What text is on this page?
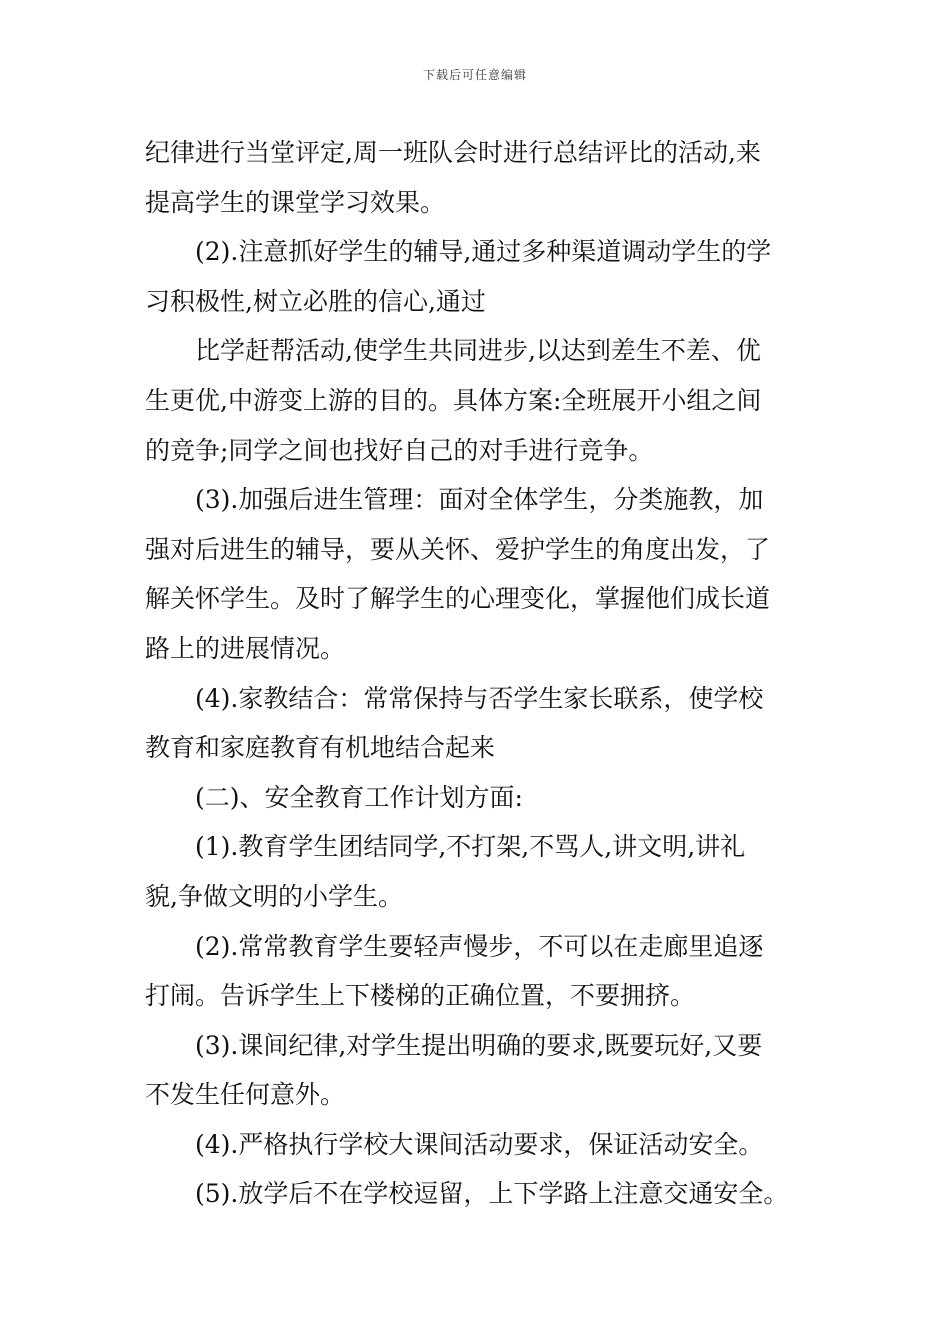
下载后可任意编辑
纪律进行当堂评定,周一班队会时进行总结评比的活动,来
提高学生的课堂学习效果。
(2).注意抓好学生的辅导,通过多种渠道调动学生的学
习积极性,树立必胜的信心,通过
比学赶帮活动,使学生共同进步,以达到差生不差、优
生更优,中游变上游的目的。具体方案:全班展开小组之间
的竞争;同学之间也找好自己的对手进行竞争。
(3).加强后进生管理：面对全体学生，分类施教，加
强对后进生的辅导，要从关怀、爱护学生的角度出发，了
解关怀学生。及时了解学生的心理变化，掌握他们成长道
路上的进展情况。
(4).家教结合：常常保持与否学生家长联系，使学校
教育和家庭教育有机地结合起来
(二)、安全教育工作计划方面:
(1).教育学生团结同学,不打架,不骂人,讲文明,讲礼
貌,争做文明的小学生。
(2).常常教育学生要轻声慢步，不可以在走廊里追逐
打闹。告诉学生上下楼梯的正确位置，不要拥挤。
(3).课间纪律,对学生提出明确的要求,既要玩好,又要
不发生任何意外。
(4).严格执行学校大课间活动要求，保证活动安全。
(5).放学后不在学校逗留，上下学路上注意交通安全。
